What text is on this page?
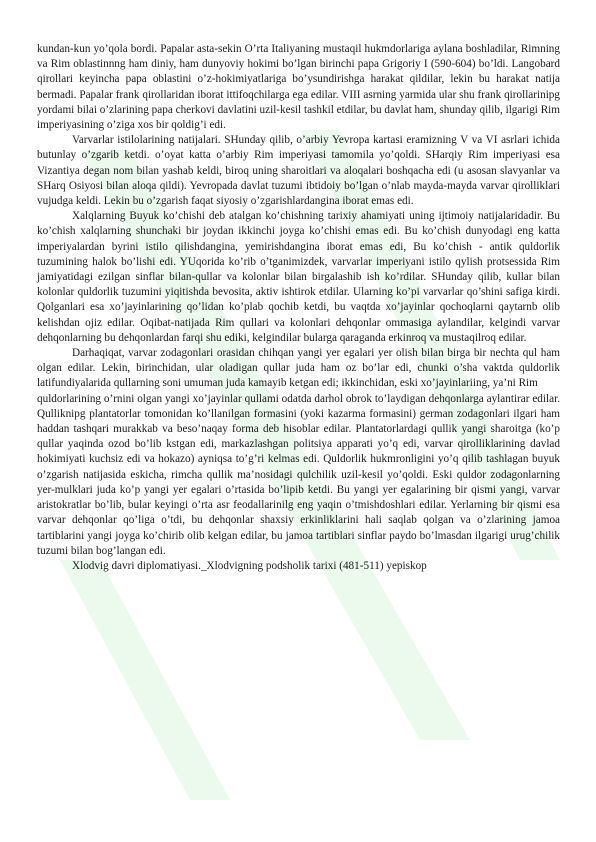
kundan-kun yo’qola bordi. Papalar asta-sekin O’rta Italiyaning mustaqil hukmdorlariga aylana boshladilar, Rimning va Rim oblastinnng ham diniy, ham dunyoviy hokimi bo’lgan birinchi papa Grigoriy I (590-604) bo’ldi. Langobard qirollari keyincha papa oblastini o’z-hokimiyatlariga bo’ysundirishga harakat qildilar, lekin bu harakat natija bermadi. Papalar frank qirollaridan iborat ittifoqchilarga ega edilar. VIII asrning yarmida ular shu frank qirollarinipg yordami bilai o’zlarining papa cherkovi davlatini uzil-kesil tashkil etdilar, bu davlat ham, shunday qilib, ilgarigi Rim imperiyasining o’ziga xos bir qoldig’i edi.

Varvarlar istilolarining natijalari. SHunday qilib, o’arbiy Yevropa kartasi eramizning V va VI asrlari ichida butunlay o’zgarib ketdi. o’oyat katta o’arbiy Rim imperiyasi tamomila yo’qoldi. SHarqiy Rim imperiyasi esa Vizantiya degan nom bilan yashab keldi, biroq uning sharoitlari va aloqalari boshqacha edi (u asosan slavyanlar va SHarq Osiyosi bilan aloqa qildi). Yevropada davlat tuzumi ibtidoiy bo’lgan o’nlab mayda-mayda varvar qirolliklari vujudga keldi. Lekin bu o’zgarish faqat siyosiy o’zgarishlardangina iborat emas edi.

Xalqlarning Buyuk ko’chishi deb atalgan ko’chishning tarixiy ahamiyati uning ijtimoiy natijalaridadir. Bu ko’chish xalqlarning shunchaki bir joydan ikkinchi joyga ko’chishi emas edi. Bu ko’chish dunyodagi eng katta imperiyalardan byrini istilo qilishdangina, yemirishdangina iborat emas edi, Bu ko’chish - antik quldorlik tuzumining halok bo’lishi edi. YUqorida ko’rib o’tganimizdek, varvarlar imperiyani istilo qylish protsessida Rim jamiyatidagi ezilgan sinflar bilan-qullar va kolonlar bilan birgalashib ish ko’rdilar. SHunday qilib, kullar bilan kolonlar quldorlik tuzumini yiqitishda bevosita, aktiv ishtirok etdilar. Ularning ko’pi varvarlar qo’shini safiga kirdi. Qolganlari esa xo’jayinlarining qo’lidan ko’plab qochib ketdi, bu vaqtda xo’jayinlar qochoqlarni qaytarnb olib kelishdan ojiz edilar. Oqibat-natijada Rim qullari va kolonlari dehqonlar ommasiga aylandilar, kelgindi varvar dehqonlarning bu dehqonlardan farqi shu ediki, kelgindilar bularga qaraganda erkinroq va mustaqilroq edilar.

Darhaqiqat, varvar zodagonlari orasidan chihqan yangi yer egalari yer olish bilan birga bir nechta qul ham olgan edilar. Lekin, birinchidan, ular oladigan qullar juda ham oz bo’lar edi, chunki o’sha vaktda quldorlik latifundiyalarida qullarning soni umuman juda kamayib ketgan edi; ikkinchidan, eski xo’jayinlariing, ya’ni Rim

quldorlarining o’rnini olgan yangi xo’jayinlar qullami odatda darhol obrok to’laydigan dehqonlarga aylantirar edilar. Qulliknipg plantatorlar tomonidan ko’llanilgan formasini (yoki kazarma formasini) german zodagonlari ilgari ham haddan tashqari murakkab va beso’naqay forma deb hisoblar edilar. Plantatorlardagi qullik yangi sharoitga (ko’p qullar yaqinda ozod bo’lib kstgan edi, markazlashgan politsiya apparati yo’q edi, varvar qirolliklarining davlad hokimiyati kuchsiz edi va hokazo) ayniqsa to’g’ri kelmas edi. Quldorlik hukmronligini yo’q qilib tashlagan buyuk o’zgarish natijasida eskicha, rimcha qullik ma’nosidagi qulchilik uzil-kesil yo’qoldi. Eski quldor zodagonlarning yer-mulklari juda ko’p yangi yer egalari o’rtasida bo’lipib ketdi. Bu yangi yer egalarining bir qismi yangi, varvar aristokratlar bo’lib, bular keyingi o’rta asr feodallarinilg eng yaqin o’tmishdoshlari edilar. Yerlarning bir qismi esa varvar dehqonlar qo’liga o’tdi, bu dehqonlar shaxsiy erkinliklarini hali saqlab qolgan va o’zlarining jamoa tartiblarini yangi joyga ko’chirib olib kelgan edilar, bu jamoa tartiblari sinflar paydo bo’lmasdan ilgarigi urug’chilik tuzumi bilan bog’langan edi.

Xlodvig davri diplomatiyasi._Xlodvigning podsholik tarixi (481-511) yepiskop
